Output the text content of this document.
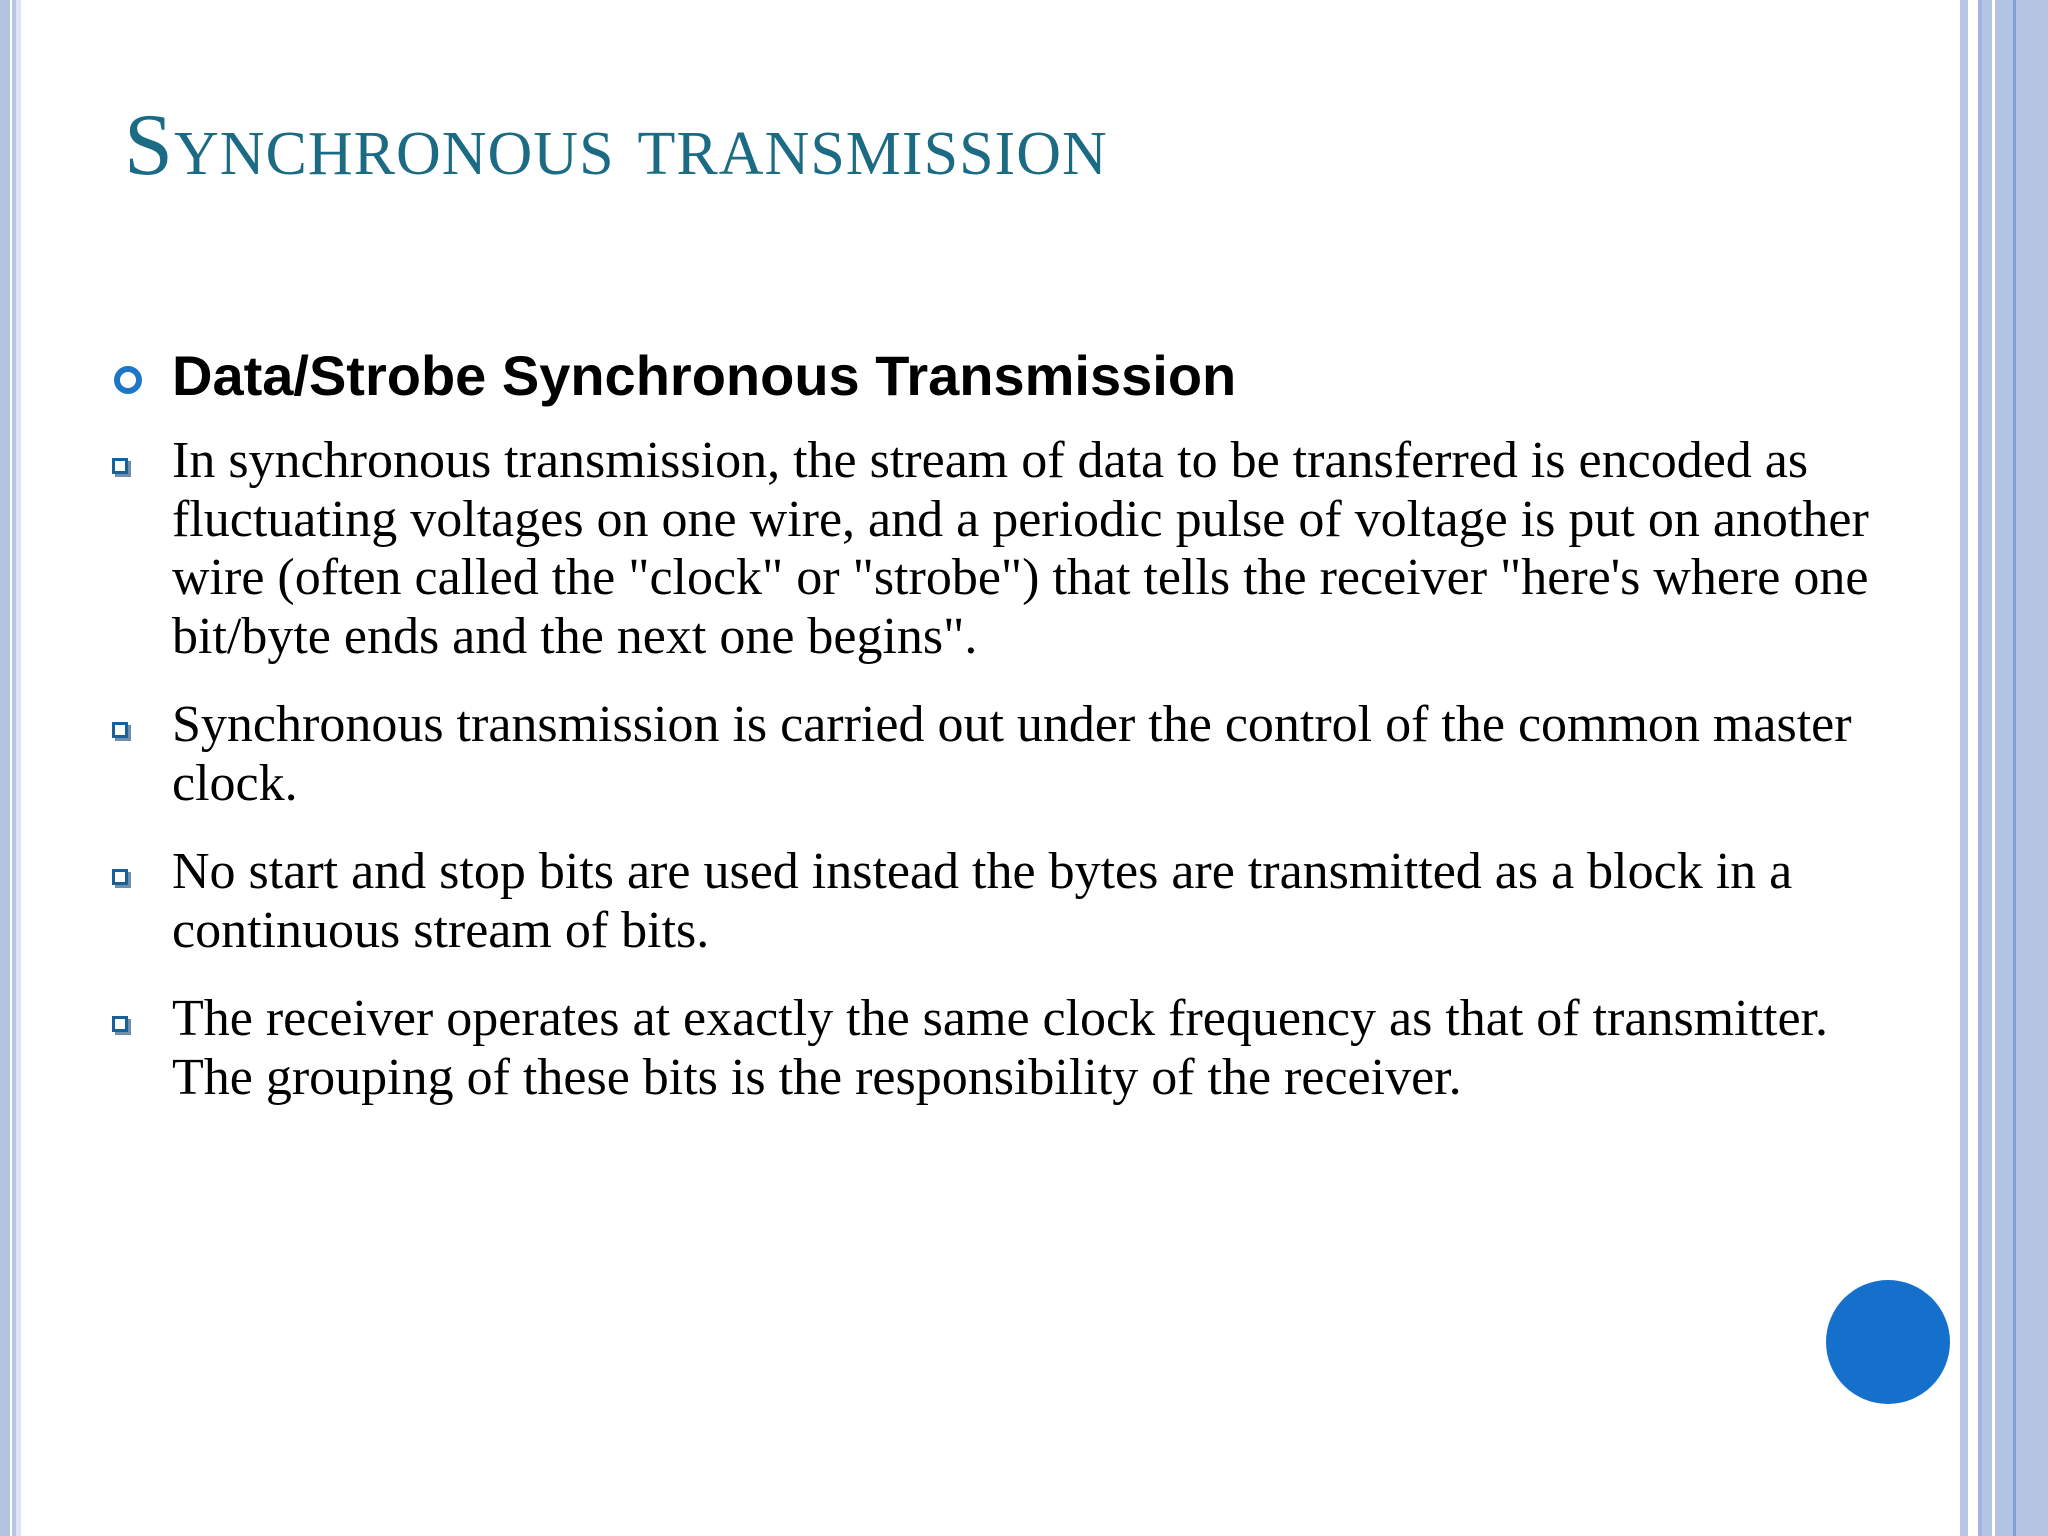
Synchronous transmission
Data/Strobe Synchronous Transmission
In synchronous transmission, the stream of data to be transferred is encoded as fluctuating voltages on one wire, and a periodic pulse of voltage is put on another wire (often called the "clock" or "strobe") that tells the receiver "here's where one bit/byte ends and the next one begins".
Synchronous transmission is carried out under the control of the common master clock.
No start and stop bits are used instead the bytes are transmitted as a block in a continuous stream of bits.
The receiver operates at exactly the same clock frequency as that of transmitter. The grouping of these bits is the responsibility of the receiver.
